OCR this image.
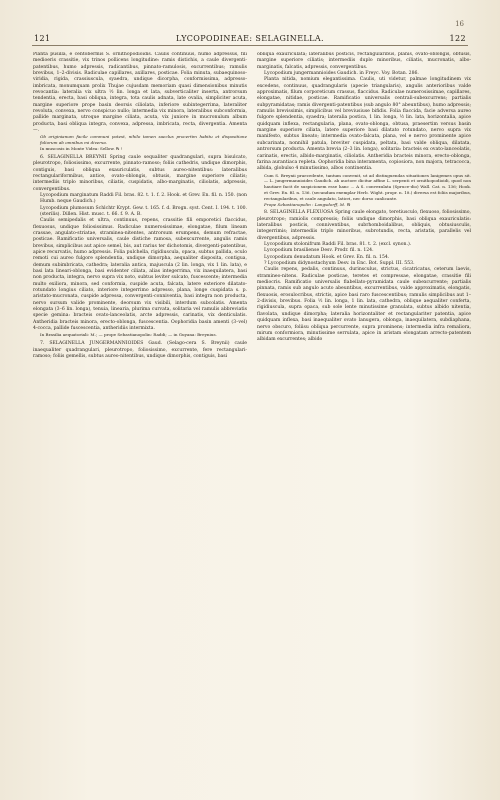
16
121	LYCOPODINEAE: SELAGINELLA.	122

Planta pusilla, e centobermis S. ornithopodioidis. Caulis continuus, humo adpressus, fili medioeris crassitie, vix trinos pollicens longitudine: ramis distichis, a caule divergenti-patentibus, humo adpressis, radicantibus, pinnato-ramulosis, excurrentibus; ramulis brevibus, 1–2-divisis. Radiculae capillares, axillares, posticae. Folia minuta, subaequinoso-viridia, rigida, crassiuscula, syaedra, undique dicorpha, conformissima, adpresso-imbricata, monumquam prolix Thujae cujusdam memoriam quasi dimensionibus minutis revocantia: lateralia vix ultra ½ lin. longa et lata, subverticaliter inserta, antrorsum tendentia, erecta, basi obliqua, integra, tota caulis adnata, late ovalia, simpliciter acuta, margine superiore prope basin deorsis ciliolata, inferiore subintegerrima, lateraliter revoluta, convexa, nervo conspicuo nullo; intermedia vix minora, lateralibus subconformia, pallide marginata, utroque margine ciliata, acuta, vix juniore in mucronulum album producta, basi obliqua integra, convexa, adpressa, imbricata, recta, divergentia. Amenta —.

Ob originianum facile communi potest, nihilo tamen saeclus procertim habitu et dispositione foliorum ab omnibus mi diversa.

In muscosis in Monte Videa: Sellow. ℞ !

6. SELAGINELLA BREYNII Spring caule sequaliter quadrangulari, supra bisulcato, pleurotropo, foliosissimo, excurrente, pinnato-ramoso; foliis cathedris, undique dimorphis, contiguis, basi obliqua exauriculatis, subtus aureo-nitentibus: lateralibus rectangulariformibus, antice, ovato-oblongis, obtusis, margine superiore ciliatis; intermediis triplo minoribus, ciliatis, cuspidatis, albo-marginatis, ciliolatis, adpressis, convergentibus.

Lycopodium marginatum Raddi Fil. bras. 82. t. 1. f. 2. Hook. et Grev. En. fil. n. 150. (non Humb. neque Gaudich.)

Lycopodium plumosum Schlchtr Krypt. Gew. t. 165. f. d. Brogn. syst. Cent. I. 194. t. 100. (sterilis). Dillen. Hist. musc. t. 66. f. 9. A. B.

Caulis semipedalis et ultra, continuus, repens, crassitie fili emporetici flaccidus, flexuosus, undique foliosissimus. Radiculae numerosissimae, elongatae, filum lineam crassae, angulato-striatae, straminea-nitentes, antrorsum erumpens, demum refractae, posticae. Ramificatio universalis, caule distiche ramosa, subexcurrente, angulis ramis brevibus, simplicibus aut apice semel, bis, aut rarius ter dichotomis, divergenti-patentibus, apice recurvatis, humo adpressis. Folia pulchella, rigidiuscula, opaca, subtus pallida, oculo remoti cui aureo fulgore splendentia, undique dimorpha, aequaliter disposita, contigua, demum subimbricata, cathedra; lateralia antica, majuscula (2 lin. longa, vix 1 lin. lata), e basi lata lineari-oblonga, basi evidenter ciliata, alias integerrima, vix inaequilatera, basi non producta, integra, nervo supra vix noto, subtus leviter sulcato, fuscescente; intermedia multo exiliora, minora, sed conformia, cuspide acuta, falcata, latere exteriore dilatato-rotundato longius ciliato, interiore integerrimo adpresso, plana, longe cuspidata s. p. aristato-mucronata, cuspide adpressa, convergenti-conniventia, basi integra non producta, nervo sursum valide prominente, deorsum vix visibili, interdum subcolatis. Amenta elongata (3–6 lin. longa), tenuia, linearia, plurima curvata, solitaria vel ramulis abbreviatis specie gemina: bracteis ovato-lanceolatis, arcte adpressis, carinatis, vix denticulatis. Antheridia bracteis minora, erecto-oblonga, fuscescentia. Oophoridia basin amenti (3–vel) 4-cocca, pallide fuscescentia, antheridiis intermixta.

In Brasilia aequatoriali: M.; — prope Sebastianopolin: Raddi; — in Guyana: Breynius.

7. SELAGINELLA JUNGERMANNIOIDES Gaud. (Selago-cera S. Breynii) caule inaequaliter quadrangulari, pleurotropo, foliosissimo, excurrente, fere rectangulari-ramoso; foliis gemellis, subtus aureo-nitentibus, undique dimorphis, contiguis, basi

obliqua exauriculata; lateralibus posticis, rectangularibus, planis, ovato-oblongis, obtusis, margine superiore ciliatis; intermediis duplo minoribus, ciliatis, mucronatis, albo-marginatis, falcatis, adpressis, convergentibus.

Lycopodium jungermannioides Gaudich. in Freyc. Voy. Botan. 286.

Planta nitida, nomium elegantissima. Caulis, uti videtur, palmae longitudinem vix excedens, continuus, quadrangularis (apecie triangularis), angulis anterioribus valde approximatis, filum corporeticum crassus, flaccidus. Radiculae numerosissimae, capillares, elongatae, nitidae, posticae. Ramificatio universalis centrali-subexcurrens; partialis subpyramidatas; ramis divergenti-patentibus (sub angulo 80° abeuntibus), humo adpressis; ramulis brevissimis, simplicibus vel breviusiuse bifidis. Folia flaccida, facie adversa aureo fulgore splendentia, syaedra; lateralia postica, 1 lin. longa, ½ lin. lata, horizontalia, apice quidquam inflexa, rectangularia, plana, ovato-oblonga, obtusa, praesertim versus basin margine superiore ciliata, latere superiore basi dilatato rotundato, nervo supra vix manifesto, subtus lineato; intermedia ovato-falcata, plana, vel e nervo prominente apice subcarinata, nonnihil patula, breviter cuspidata, peltata, basi valde obliqua, dilatata, antrorsum producta. Amenta brevia (2–3 lin. longa), solitaria: bracteis ex ovato-lanceolatis, carinatis, erectis, albido-marginatis, ciliolatis. Antheridia bracteis minora, erecto-oblonga, farina aurantiaca repleta. Oophoridia bina interamenta, copiosiora, non majora, tetracocca, albida, globulso 4 minutissimo, albos continentia.

Cum S. Breynii praecedente, tantum convenit, ut ad distinguendas situationes lanigemes opus sit. — L. jungermannioides Gaudich. ab auctore dicitur affine L. serpenti et ornithopodioidi, quod non hautiare facit de suspicionem esse hanc ... A S. convexulata (Spruce-dio) Wall. Cat. n. 136; Hook. et Grev. En. fil. n. 136. (secundum exemplar Herb. Wight. propr. n. 18.) diversa est foliis majoribus, rectangularibus, et caule angulato, laticri, nec dorso canlicante.

Prope Sebastianopolin : Langsdorff, M. ℞

8. SELAGINELLA FLEXUOSA Spring caule elongato, teretiusculo, flexuoso, foliosissimo, pleurotropo; ramiolis compressis; foliis undique dimorphis, basi obliqua exauriculatis: lateralibus posticis, conniventibus, subrhomboidalibus, obliquis, obtusiusculis, integerrimis; intermediis triplo minoribus, subrotundis, recta, aristatis, parallelis vel divergentibus, adpressis.

Lycopodium stolonifrum Raddi Fil. bras. 81. t. 2. (excl. synon.).

Lycopodium brasiliense Desv. Prodr. fil. n. 124.

Lycopodium denudatum Hook. et Grev. En. fil. n. 154.

? Lycopodium didynostachyum Desv. in Enc. Bot. Suppl. III. 553.

Caulis repens, pedalis, continuus, durinsculus, strictus, cicatricatus, ceterum laevis, stramineo-nitens. Radiculae posticae, teretes et compressae, elongatae, crassitie fili mediocris. Ramificatio universalis flabellato-pyramidata caule subexcurrente; partialis pinnata, ramis sub angulo acuto abeuntibus, excurrentibus, valde approximatis, elongatis, flexuosis, erosulocribus, strictis, apice basi raro fuscescentibus; ramulis simplicibus aut 1–2-divisis, brevibus. Folia ½ lin. longa, 1 lin. lata, cathedra, oblique aequaliter conferta, rigidiuscula, supra opaca, sub sole lente minutissime granulata, subtus albido nitentia, flavolata, undique dimorpha; lateralia horizontaliter et rectangulariter patentia, apice quidquam inflexa, basi inaequaliter ovato lanugera, oblonga, inaequilatera, subdiaphana, nervo obscuro, foliisu obliqua percurrente, supra prominens; intermedia infra remaliora, mirum conformiora, minutissime serrulata, apice in aristam elongatam arrecto-patentem albidam excurrentes; albido
